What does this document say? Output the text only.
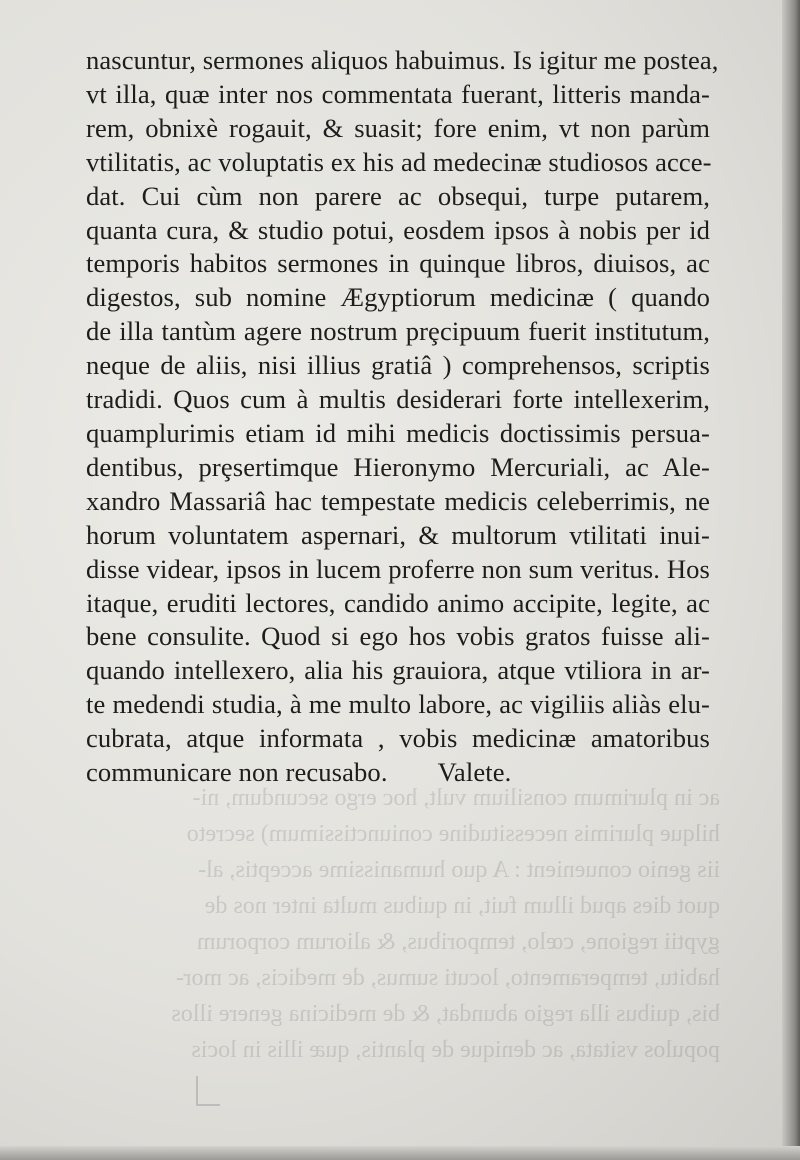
ac in plurimum consilium vult, hoc ergo secundum, ni-
hilque plurimis necessitudine coniunctissimum) secreto
iis genio conuenient : A quo humanissime acceptis, al-
quot dies apud illum fuit, in quibus multa inter nos de
gyptii regione, cœlo, temporibus, & aliorum corporum
habitu, temperamento, locuti sumus, de medicis, ac mor-
bis, quibus illa regio abundat, & de medicina genere illos
populos vsitata, ac denique de plantis, quæ illis in locis
nascuntur, sermones aliquos habuimus. Is igitur me postea,
vt illa, quæ inter nos commentata fuerant, litteris manda-
rem, obnixè rogauit, & suasit; fore enim, vt non parùm
vtilitatis, ac voluptatis ex his ad medecinæ studiosos acce-
dat. Cui cùm non parere ac obsequi, turpe putarem,
quanta cura, & studio potui, eosdem ipsos à nobis per id
temporis habitos sermones in quinque libros, diuisos, ac
digestos, sub nomine Ægyptiorum medicinæ ( quando
de illa tantùm agere nostrum prȩcipuum fuerit institutum,
neque de aliis, nisi illius gratiâ ) comprehensos, scriptis
tradidi. Quos cum à multis desiderari forte intellexerim,
quamplurimis etiam id mihi medicis doctissimis persua-
dentibus, prȩsertimque Hieronymo Mercuriali, ac Ale-
xandro Massariâ hac tempestate medicis celeberrimis, ne
horum voluntatem aspernari, & multorum vtilitati inui-
disse videar, ipsos in lucem proferre non sum veritus. Hos
itaque, eruditi lectores, candido animo accipite, legite, ac
bene consulite. Quod si ego hos vobis gratos fuisse ali-
quando intellexero, alia his grauiora, atque vtiliora in ar-
te medendi studia, à me multo labore, ac vigiliis aliàs elu-
cubrata, atque informata , vobis medicinæ amatoribus
communicare non recusabo. Valete.
